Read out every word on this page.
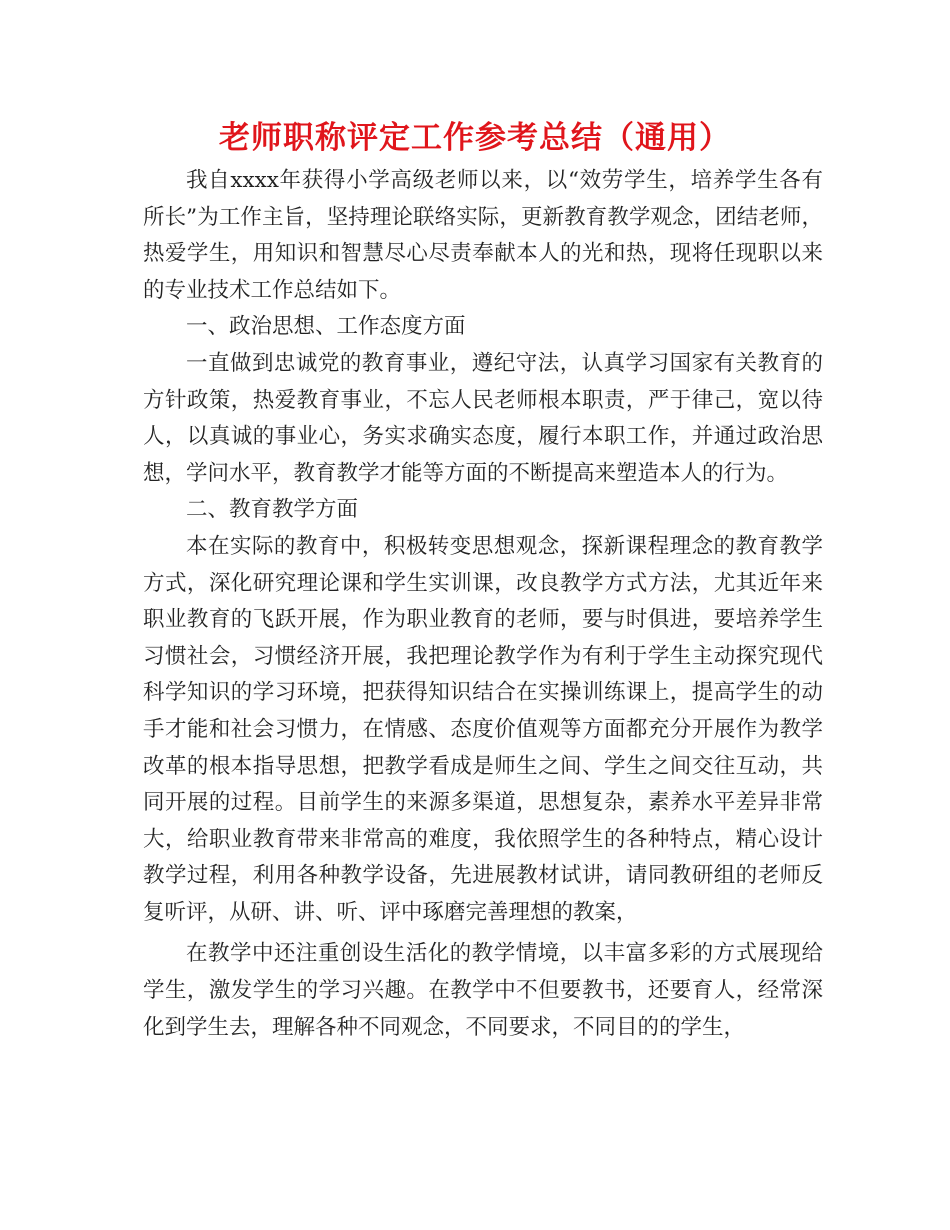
老师职称评定工作参考总结（通用）

我自xxxx年获得小学高级老师以来，以“效劳学生，培养学生各有所长”为工作主旨，坚持理论联络实际，更新教育教学观念，团结老师，热爱学生，用知识和智慧尽心尽责奉献本人的光和热，现将任现职以来的专业技术工作总结如下。

一、政治思想、工作态度方面

一直做到忠诚党的教育事业，遵纪守法，认真学习国家有关教育的方针政策，热爱教育事业，不忘人民老师根本职责，严于律己，宽以待人，以真诚的事业心，务实求确实态度，履行本职工作，并通过政治思想，学问水平，教育教学才能等方面的不断提高来塑造本人的行为。

二、教育教学方面

本在实际的教育中，积极转变思想观念，探新课程理念的教育教学方式，深化研究理论课和学生实训课，改良教学方式方法，尤其近年来职业教育的飞跃开展，作为职业教育的老师，要与时俱进，要培养学生习惯社会，习惯经济开展，我把理论教学作为有利于学生主动探究现代科学知识的学习环境，把获得知识结合在实操训练课上，提高学生的动手才能和社会习惯力，在情感、态度价值观等方面都充分开展作为教学改革的根本指导思想，把教学看成是师生之间、学生之间交往互动，共同开展的过程。目前学生的来源多渠道，思想复杂，素养水平差异非常大，给职业教育带来非常高的难度，我依照学生的各种特点，精心设计教学过程，利用各种教学设备，先进展教材试讲，请同教研组的老师反复听评，从研、讲、听、评中琢磨完善理想的教案，

在教学中还注重创设生活化的教学情境，以丰富多彩的方式展现给学生，激发学生的学习兴趣。在教学中不但要教书，还要育人，经常深化到学生去，理解各种不同观念，不同要求，不同目的的学生，
